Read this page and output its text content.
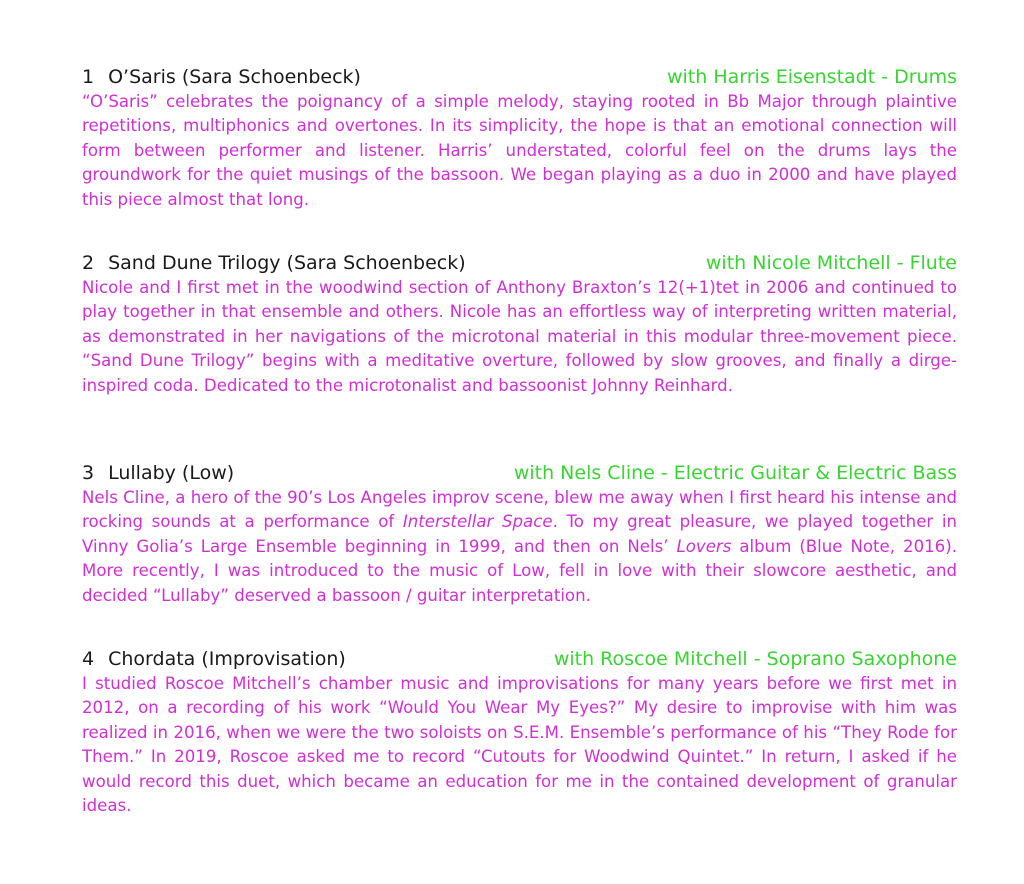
1 O’Saris (Sara Schoenbeck)	with Harris Eisenstadt - Drums

“O’Saris” celebrates the poignancy of a simple melody, staying rooted in Bb Major through plaintive repetitions, multiphonics and overtones. In its simplicity, the hope is that an emotional connection will form between performer and listener. Harris’ understated, colorful feel on the drums lays the groundwork for the quiet musings of the bassoon. We began playing as a duo in 2000 and have played this piece almost that long.

2 Sand Dune Trilogy (Sara Schoenbeck)	with Nicole Mitchell - Flute

Nicole and I first met in the woodwind section of Anthony Braxton’s 12(+1)tet in 2006 and continued to play together in that ensemble and others. Nicole has an effortless way of interpreting written material, as demonstrated in her navigations of the microtonal material in this modular three-movement piece. “Sand Dune Trilogy” begins with a meditative overture, followed by slow grooves, and finally a dirge-inspired coda. Dedicated to the microtonalist and bassoonist Johnny Reinhard.

3 Lullaby (Low)	with Nels Cline - Electric Guitar & Electric Bass

Nels Cline, a hero of the 90’s Los Angeles improv scene, blew me away when I first heard his intense and rocking sounds at a performance of Interstellar Space. To my great pleasure, we played together in Vinny Golia’s Large Ensemble beginning in 1999, and then on Nels’ Lovers album (Blue Note, 2016). More recently, I was introduced to the music of Low, fell in love with their slowcore aesthetic, and decided “Lullaby” deserved a bassoon / guitar interpretation.

4 Chordata (Improvisation)	with Roscoe Mitchell - Soprano Saxophone

I studied Roscoe Mitchell’s chamber music and improvisations for many years before we first met in 2012, on a recording of his work “Would You Wear My Eyes?” My desire to improvise with him was realized in 2016, when we were the two soloists on S.E.M. Ensemble’s performance of his “They Rode for Them.” In 2019, Roscoe asked me to record “Cutouts for Woodwind Quintet.” In return, I asked if he would record this duet, which became an education for me in the contained development of granular ideas.
